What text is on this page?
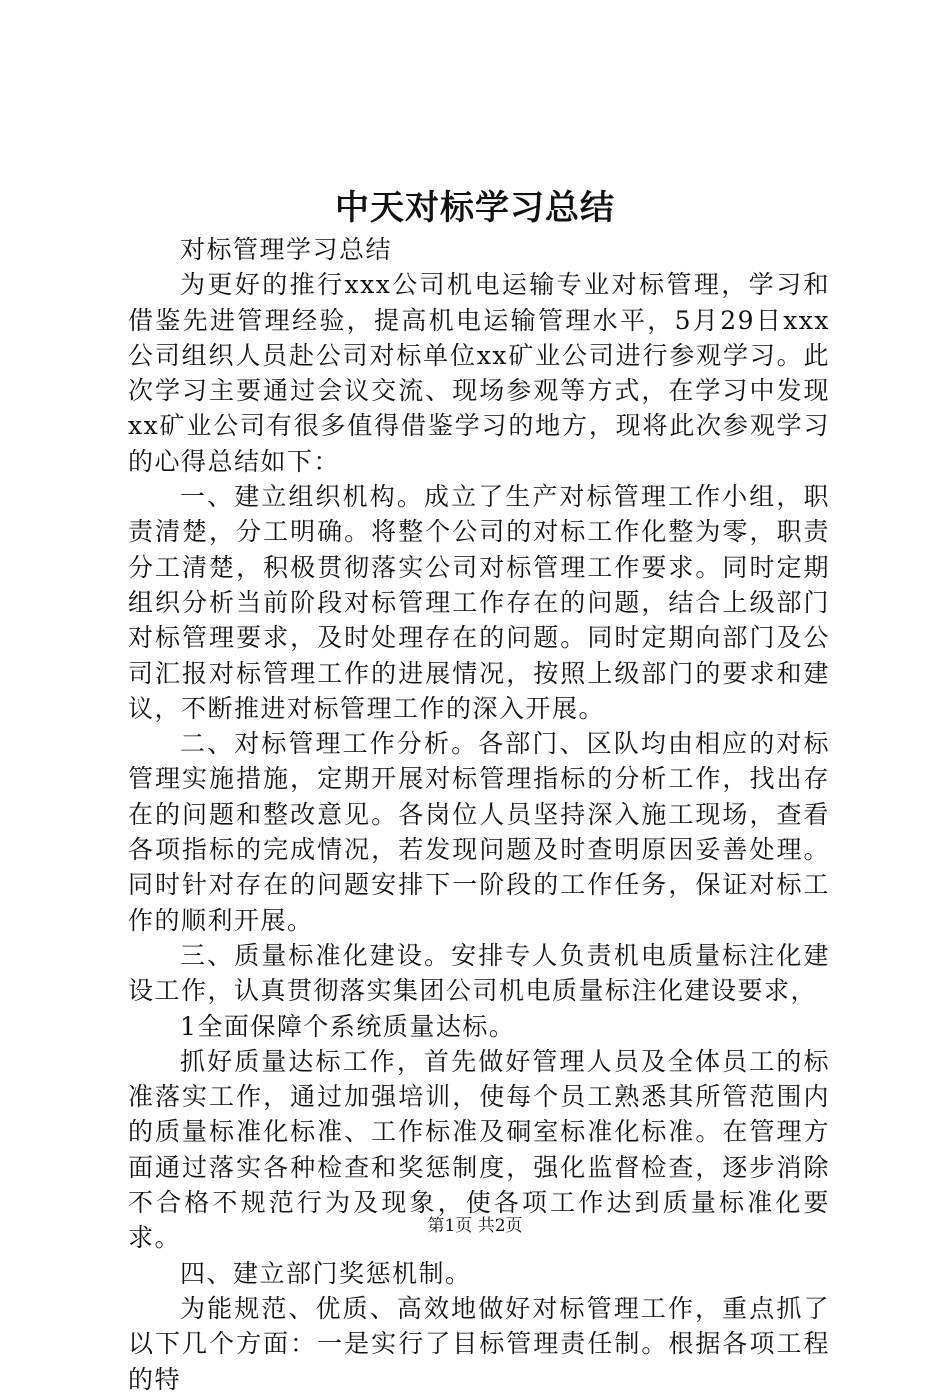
中天对标学习总结

对标管理学习总结

为更好的推行xxx公司机电运输专业对标管理，学习和借鉴先进管理经验，提高机电运输管理水平，5月29日xxx公司组织人员赴公司对标单位xx矿业公司进行参观学习。此次学习主要通过会议交流、现场参观等方式，在学习中发现xx矿业公司有很多值得借鉴学习的地方，现将此次参观学习的心得总结如下：

一、建立组织机构。成立了生产对标管理工作小组，职责清楚，分工明确。将整个公司的对标工作化整为零，职责分工清楚，积极贯彻落实公司对标管理工作要求。同时定期组织分析当前阶段对标管理工作存在的问题，结合上级部门对标管理要求，及时处理存在的问题。同时定期向部门及公司汇报对标管理工作的进展情况，按照上级部门的要求和建议，不断推进对标管理工作的深入开展。

二、对标管理工作分析。各部门、区队均由相应的对标管理实施措施，定期开展对标管理指标的分析工作，找出存在的问题和整改意见。各岗位人员坚持深入施工现场，查看各项指标的完成情况，若发现问题及时查明原因妥善处理。同时针对存在的问题安排下一阶段的工作任务，保证对标工作的顺利开展。

三、质量标准化建设。安排专人负责机电质量标注化建设工作，认真贯彻落实集团公司机电质量标注化建设要求，

1全面保障个系统质量达标。

抓好质量达标工作，首先做好管理人员及全体员工的标准落实工作，通过加强培训，使每个员工熟悉其所管范围内的质量标准化标准、工作标准及硐室标准化标准。在管理方面通过落实各种检查和奖惩制度，强化监督检查，逐步消除不合格不规范行为及现象，使各项工作达到质量标准化要求。

四、建立部门奖惩机制。

为能规范、优质、高效地做好对标管理工作，重点抓了以下几个方面：一是实行了目标管理责任制。根据各项工程的特

第1页 共2页
